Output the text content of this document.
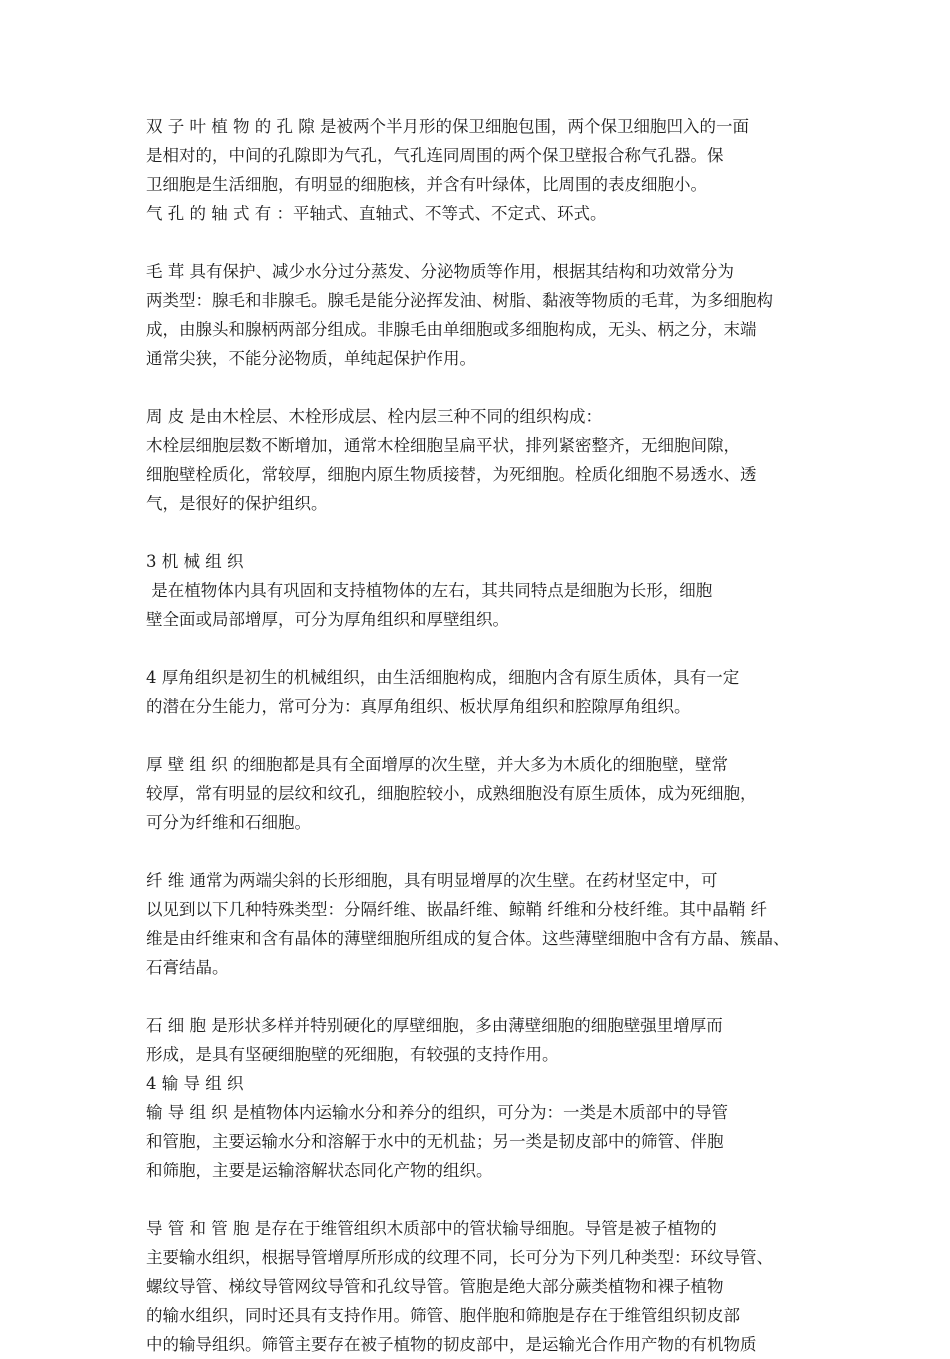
双 子 叶 植 物 的 孔 隙 是被两个半月形的保卫细胞包围，两个保卫细胞凹入的一面
是相对的，中间的孔隙即为气孔，气孔连同周围的两个保卫壁报合称气孔器。保
卫细胞是生活细胞，有明显的细胞核，并含有叶绿体，比周围的表皮细胞小。
气 孔 的 轴 式 有 ：平轴式、直轴式、不等式、不定式、环式。
毛 茸 具有保护、减少水分过分蒸发、分泌物质等作用，根据其结构和功效常分为
两类型：腺毛和非腺毛。腺毛是能分泌挥发油、树脂、黏液等物质的毛茸，为多细胞构
成，由腺头和腺柄两部分组成。非腺毛由单细胞或多细胞构成，无头、柄之分，末端
通常尖狭，不能分泌物质，单纯起保护作用。
周 皮 是由木栓层、木栓形成层、栓内层三种不同的组织构成：
木栓层细胞层数不断增加，通常木栓细胞呈扁平状，排列紧密整齐，无细胞间隙，
细胞壁栓质化，常较厚，细胞内原生物质接替，为死细胞。栓质化细胞不易透水、透
气，是很好的保护组织。
3 机 械 组 织
是在植物体内具有巩固和支持植物体的左右，其共同特点是细胞为长形，细胞
壁全面或局部增厚，可分为厚角组织和厚壁组织。
4 厚角组织是初生的机械组织，由生活细胞构成，细胞内含有原生质体，具有一定
的潜在分生能力，常可分为：真厚角组织、板状厚角组织和腔隙厚角组织。
厚 壁 组 织 的细胞都是具有全面增厚的次生壁，并大多为木质化的细胞壁，壁常
较厚，常有明显的层纹和纹孔，细胞腔较小，成熟细胞没有原生质体，成为死细胞，
可分为纤维和石细胞。
纤 维 通常为两端尖斜的长形细胞，具有明显增厚的次生壁。在药材坚定中，可
以见到以下几种特殊类型：分隔纤维、嵌晶纤维、鲸鞘 纤维和分枝纤维。其中晶鞘 纤
维是由纤维束和含有晶体的薄壁细胞所组成的复合体。这些薄壁细胞中含有方晶、簇晶、
石膏结晶。
石 细 胞 是形状多样并特别硬化的厚壁细胞，多由薄壁细胞的细胞壁强里增厚而
形成，是具有坚硬细胞壁的死细胞，有较强的支持作用。
4 输 导 组 织
输 导 组 织 是植物体内运输水分和养分的组织，可分为：一类是木质部中的导管
和管胞，主要运输水分和溶解于水中的无机盐；另一类是韧皮部中的筛管、伴胞
和筛胞，主要是运输溶解状态同化产物的组织。
导 管 和 管 胞 是存在于维管组织木质部中的管状输导细胞。导管是被子植物的
主要输水组织，根据导管增厚所形成的纹理不同，长可分为下列几种类型：环纹导管、
螺纹导管、梯纹导管网纹导管和孔纹导管。管胞是绝大部分蕨类植物和裸子植物
的输水组织，同时还具有支持作用。筛管、胞伴胞和筛胞是存在于维管组织韧皮部
中的输导组织。筛管主要存在被子植物的韧皮部中，是运输光合作用产物的有机物质
